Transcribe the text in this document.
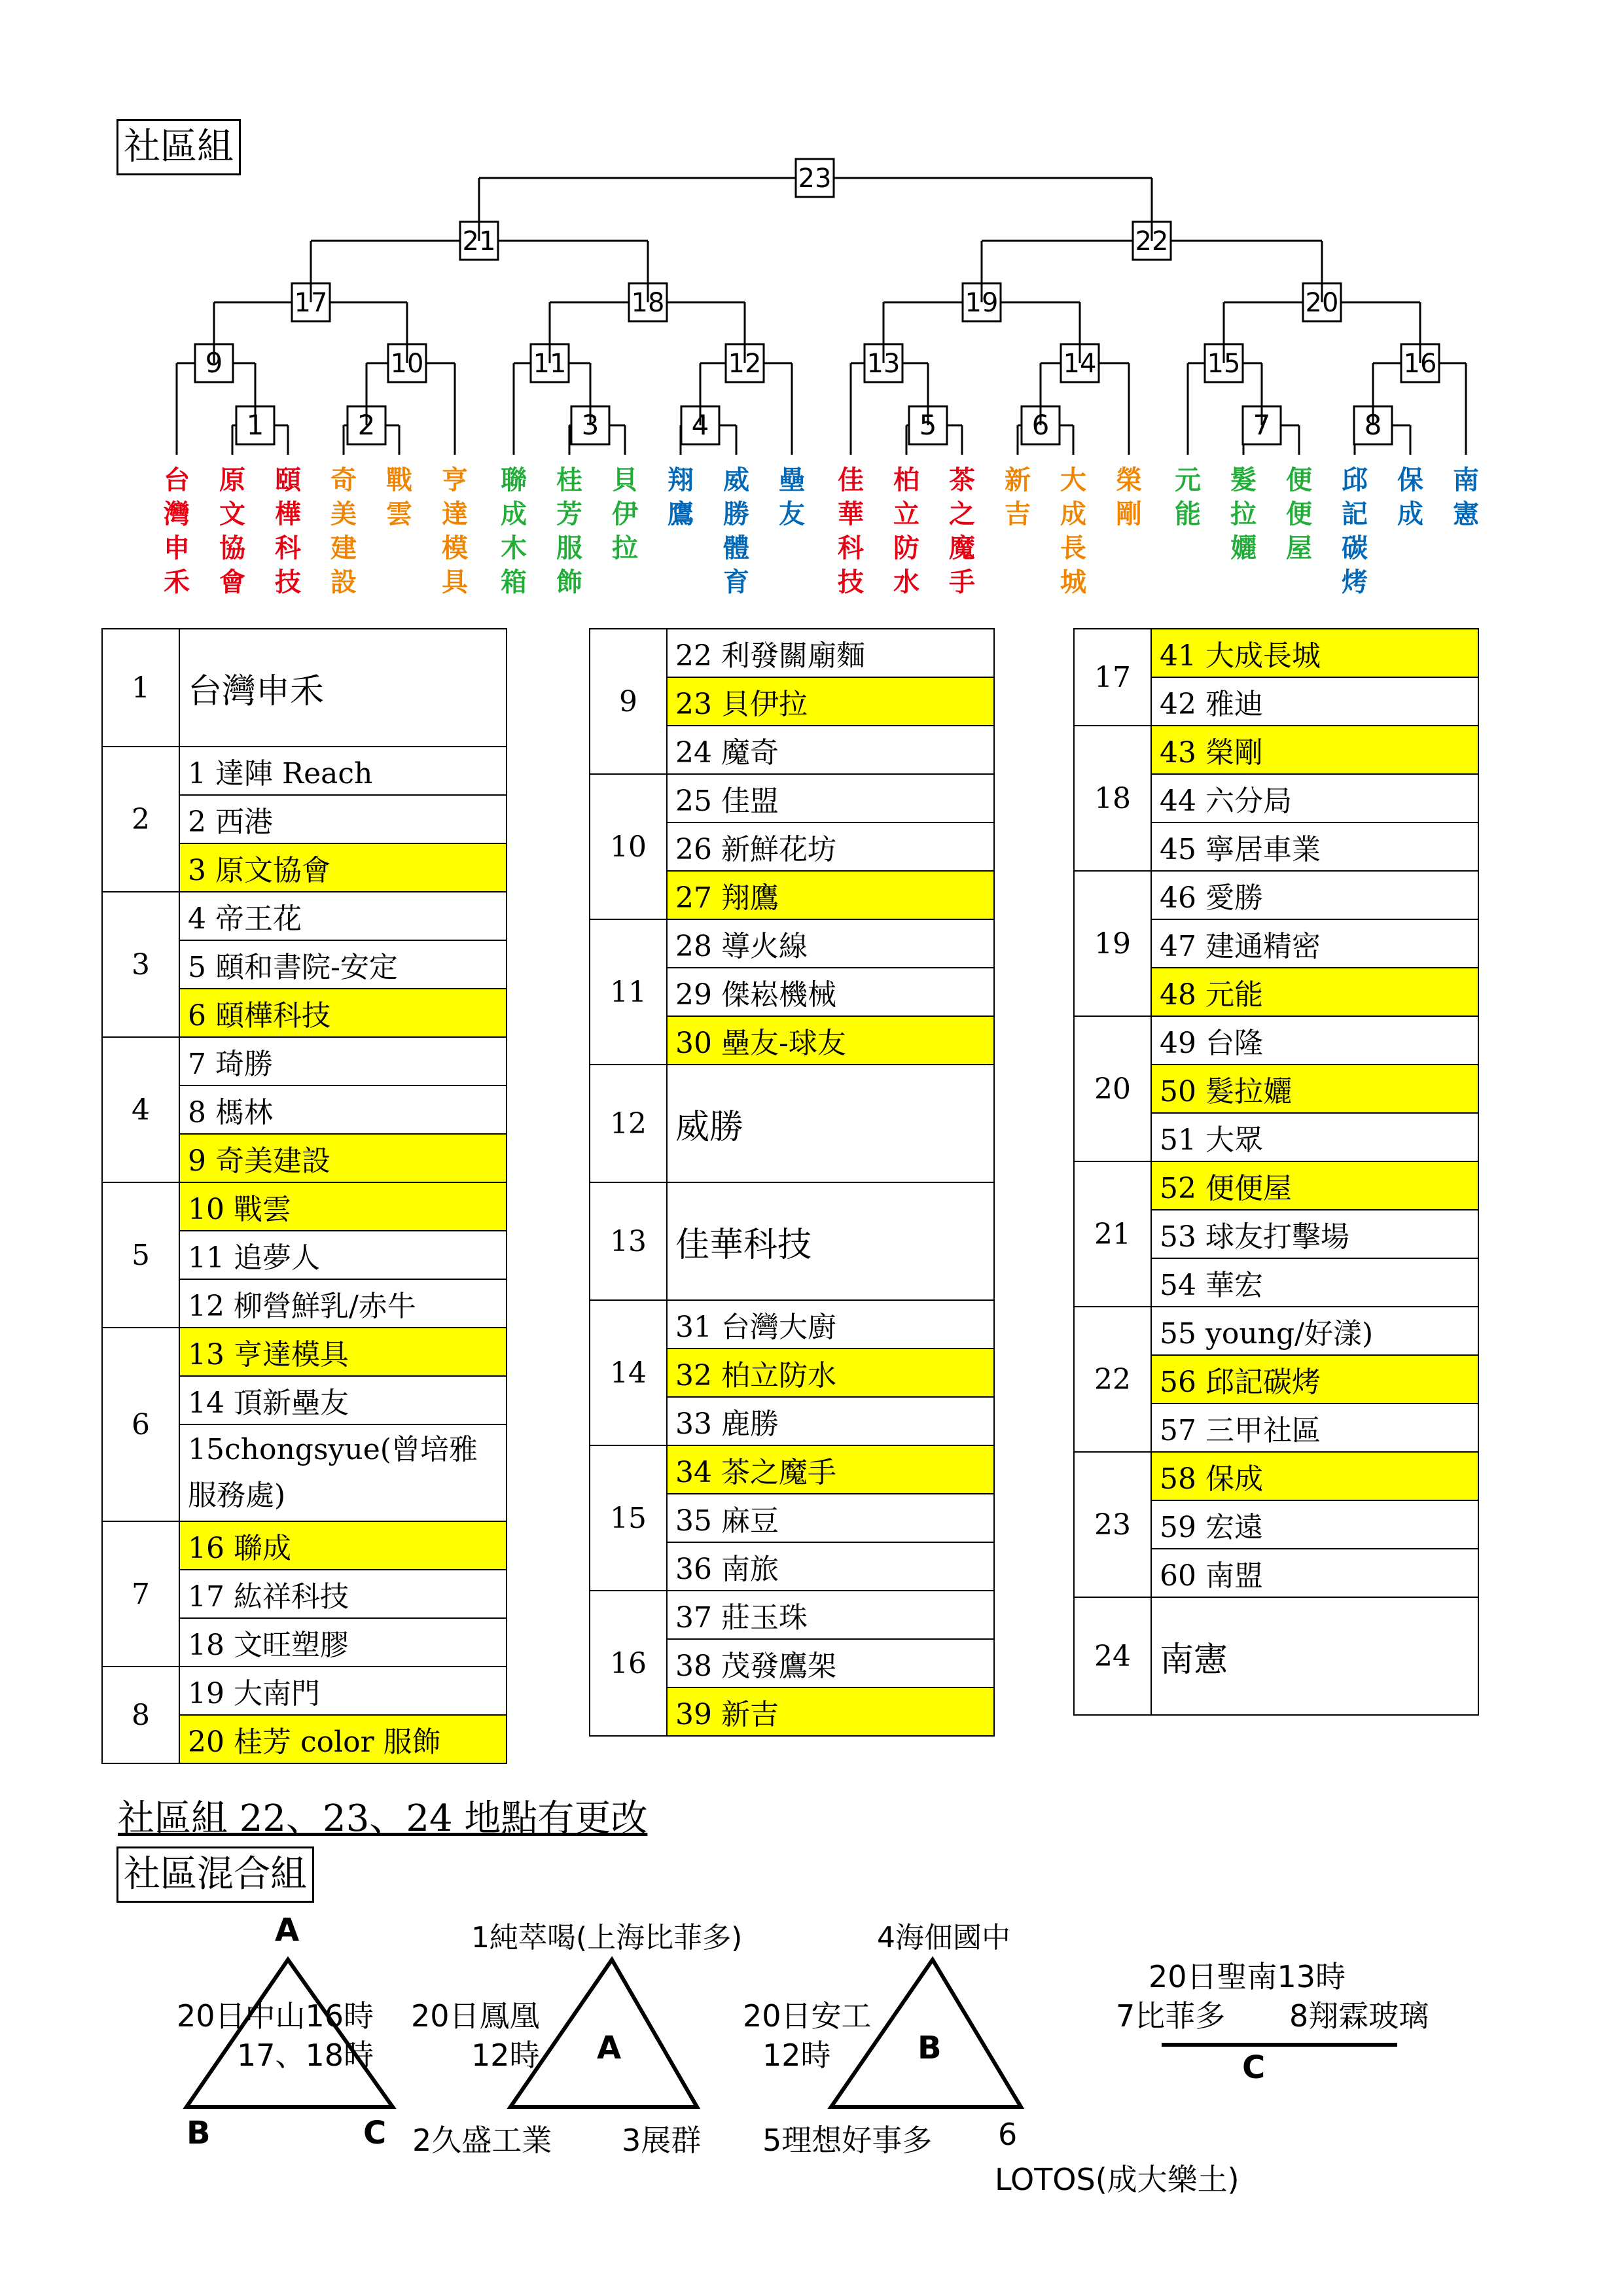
社區組
1	2	3	4	5	6	7	8
9	10	11	12	13	14	15	16
17	18	19	20
21	22
23
台灣申禾
原文協會
頤樺科技
奇美建設
戰雲
亨達模具
聯成木箱
桂芳服飾
貝伊拉
翔鷹
威勝體育
壘友
佳華科技
柏立防水
茶之魔手
新吉
大成長城
榮剛
元能
髮拉孋
便便屋
邱記碳烤
保成
南憲
1	台灣申禾
2	1 達陣 Reach
	2 西港
	3 原文協會
3	4 帝王花
	5 頤和書院-安定
	6 頤樺科技
4	7 琦勝
	8 榪林
	9 奇美建設
5	10 戰雲
	11 追夢人
	12 柳營鮮乳/赤牛
6	13 亨達模具
	14 頂新壘友
	15chongsyue(曾培雅服務處)
7	16 聯成
	17 紘祥科技
	18 文旺塑膠
8	19 大南門
	20 桂芳 color 服飾
9	22 利發關廟麵
	23 貝伊拉
	24 魔奇
10	25 佳盟
	26 新鮮花坊
	27 翔鷹
11	28 導火線
	29 傑崧機械
	30 壘友-球友
12	威勝
13	佳華科技
14	31 台灣大廚
	32 柏立防水
	33 鹿勝
15	34 茶之魔手
	35 麻豆
	36 南旅
16	37 莊玉珠
	38 茂發鷹架
	39 新吉
17	41 大成長城
	42 雅迪
18	43 榮剛
	44 六分局
	45 寧居車業
19	46 愛勝
	47 建通精密
	48 元能
20	49 台隆
	50 髮拉孋
	51 大眾
21	52 便便屋
	53 球友打擊場
	54 華宏
22	55 young/好漾)
	56 邱記碳烤
	57 三甲社區
23	58 保成
	59 宏遠
	60 南盟
24	南憲
社區組 22、23、24 地點有更改
社區混合組
A
B	C
20日中山16時
17、18時
1純萃喝(上海比菲多)
A
20日鳳凰
12時
2久盛工業 3展群
4海佃國中
B
20日安工
12時
5理想好事多 6
LOTOS(成大樂土)
20日聖南13時
7比菲多 8翔霖玻璃
C
